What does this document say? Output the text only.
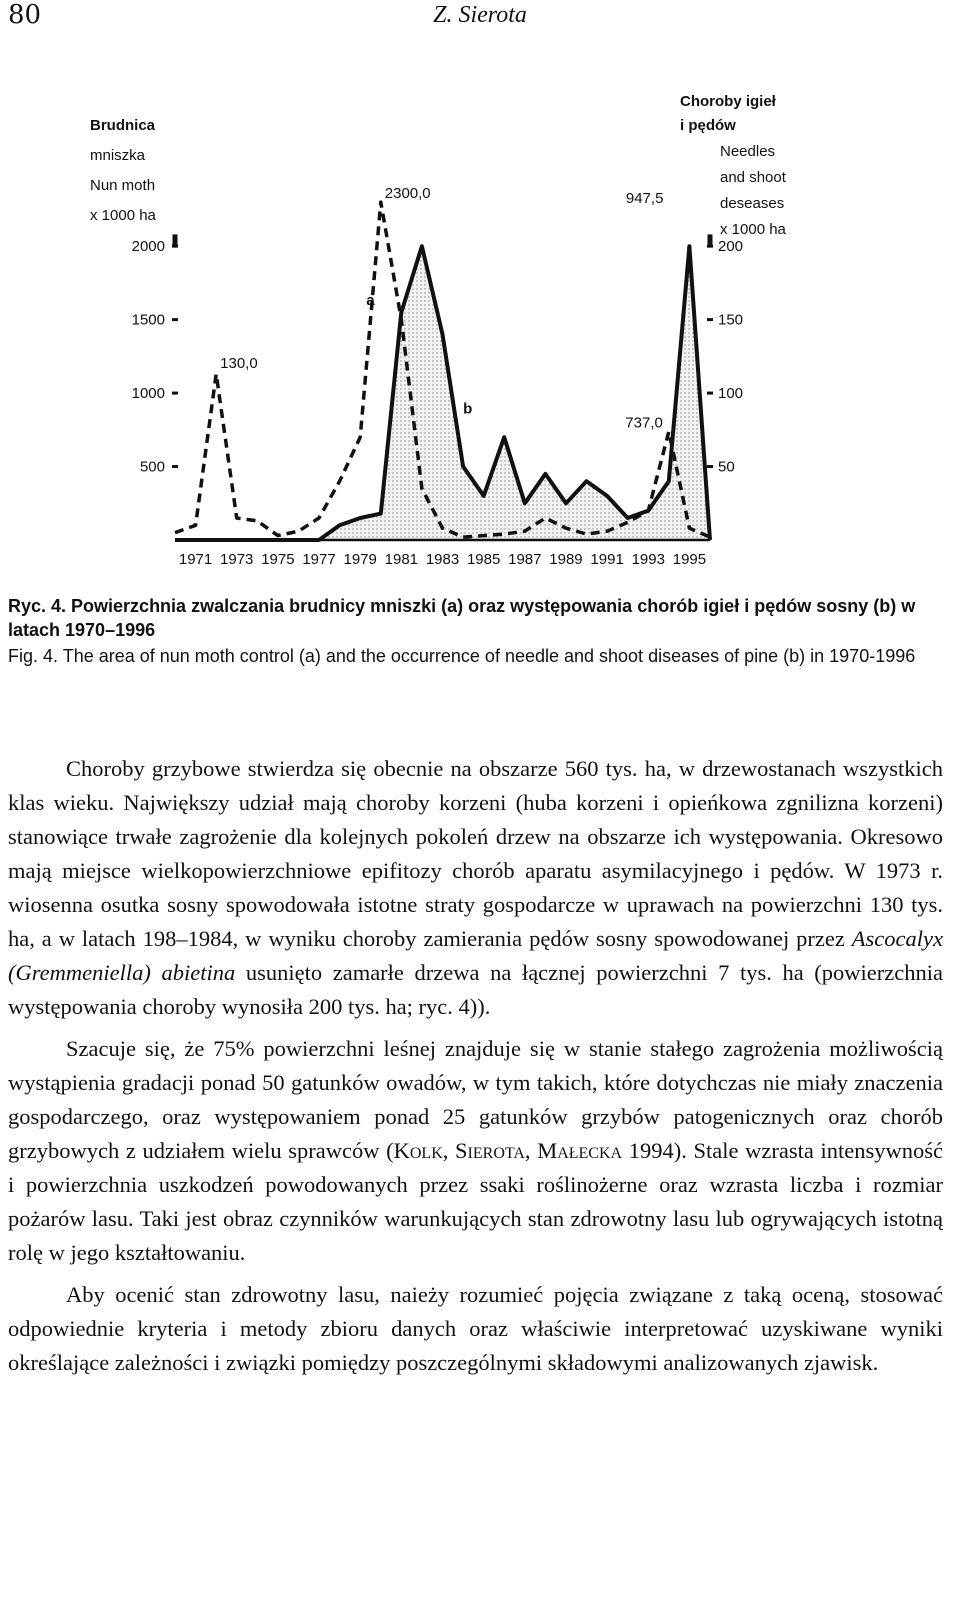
80	Z. Sierota
2000
1500
1000
500
200
150
100
50
1971 1973 1975 1977 1979 1981 1983 1985 1987 1989 1991 1993 1995
a
b
130,0
2300,0
737,0
947,5
Brudnica
mniszka
Nun moth
x 1000 ha
Choroby igieł
i pędów
Needles
and shoot
deseases
x 1000 ha
Ryc. 4. Powierzchnia zwalczania brudnicy mniszki (a) oraz występowania chorób igieł i pędów sosny (b) w latach 1970–1996
Fig. 4. The area of nun moth control (a) and the occurrence of needle and shoot diseases of pine (b) in 1970-1996

Choroby grzybowe stwierdza się obecnie na obszarze 560 tys. ha, w drzewostanach wszystkich klas wieku. Największy udział mają choroby korzeni (huba korzeni i opieńkowa zgnilizna korzeni) stanowiące trwałe zagrożenie dla kolejnych pokoleń drzew na obszarze ich występowania. Okresowo mają miejsce wielkopowierzchniowe epifitozy chorób aparatu asymilacyjnego i pędów. W 1973 r. wiosenna osutka sosny spowodowała istotne straty gospodarcze w uprawach na powierzchni 130 tys. ha, a w latach 198–1984, w wyniku choroby zamierania pędów sosny spowodowanej przez Ascocalyx (Gremmeniella) abietina usunięto zamarłe drzewa na łącznej powierzchni 7 tys. ha (powierzchnia występowania choroby wynosiła 200 tys. ha; ryc. 4)).

Szacuje się, że 75% powierzchni leśnej znajduje się w stanie stałego zagrożenia możliwością wystąpienia gradacji ponad 50 gatunków owadów, w tym takich, które dotychczas nie miały znaczenia gospodarczego, oraz występowaniem ponad 25 gatunków grzybów patogenicznych oraz chorób grzybowych z udziałem wielu sprawców (Kolk, Sierota, Małecka 1994). Stale wzrasta intensywność i powierzchnia uszkodzeń powodowanych przez ssaki roślinożerne oraz wzrasta liczba i rozmiar pożarów lasu. Taki jest obraz czynników warunkujących stan zdrowotny lasu lub ogrywających istotną rolę w jego kształtowaniu.

Aby ocenić stan zdrowotny lasu, naieży rozumieć pojęcia związane z taką oceną, stosować odpowiednie kryteria i metody zbioru danych oraz właściwie interpretować uzyskiwane wyniki określające zależności i związki pomiędzy poszczególnymi składowymi analizowanych zjawisk.
